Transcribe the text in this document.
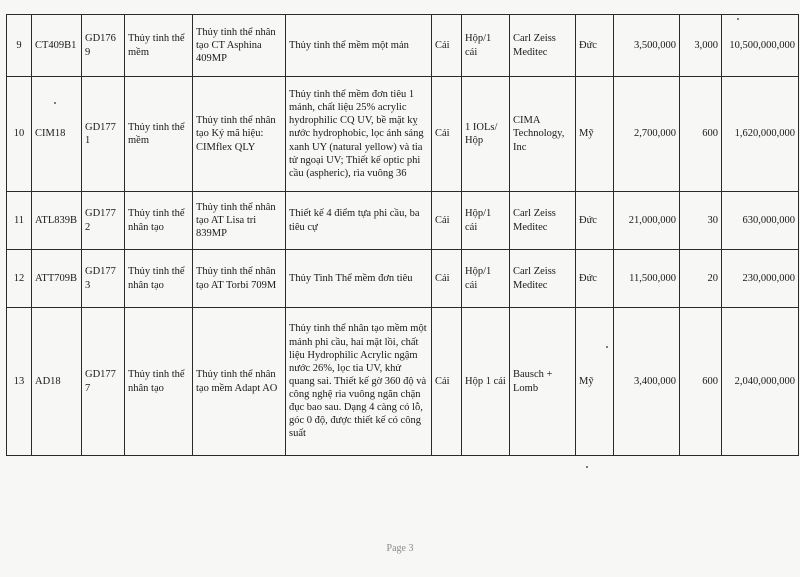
9	CT409B1	GD1769	Thủy tinh thể mềm	Thủy tinh thể nhân tạo CT Asphina 409MP	Thủy tinh thể mềm một mản	Cái	Hộp/1 cái	Carl Zeiss Meditec	Đức	3,500,000	3,000	10,500,000,000
10	CIM18	GD1771	Thủy tinh thể mềm	Thủy tinh thể nhân tạo Ký mã hiệu: CIMflex QLY	Thủy tinh thể mềm đơn tiêu 1 mảnh, chất liệu 25% acrylic hydrophilic CQ UV, bề mặt kỵ nước hydrophobic, lọc ánh sáng xanh UY (natural yellow) và tia tử ngoại UV; Thiết kế optic phi cầu (aspheric), rìa vuông 36	Cái	1 IOLs/ Hộp	CIMA Technology, Inc	Mỹ	2,700,000	600	1,620,000,000
11	ATL839B	GD1772	Thủy tinh thể nhân tạo	Thủy tinh thể nhân tạo AT Lisa tri 839MP	Thiết kế 4 điểm tựa phi cầu, ba tiêu cự	Cái	Hộp/1 cái	Carl Zeiss Meditec	Đức	21,000,000	30	630,000,000
12	ATT709B	GD1773	Thủy tinh thể nhân tạo	Thủy tinh thể nhân tạo AT Torbi 709M	Thủy Tinh Thể mềm đơn tiêu	Cái	Hộp/1 cái	Carl Zeiss Meditec	Đức	11,500,000	20	230,000,000
13	AD18	GD1777	Thủy tinh thể nhân tạo	Thủy tinh thể nhân tạo mềm Adapt AO	Thủy tinh thể nhân tạo mềm một mảnh phi cầu, hai mặt lồi, chất liệu Hydrophilic Acrylic ngậm nước 26%, lọc tia UV, khử quang sai. Thiết kế gờ 360 độ và công nghệ rìa vuông ngăn chặn đục bao sau. Dạng 4 càng có lỗ, góc 0 độ, được thiết kế có công suất	Cái	Hộp 1 cái	Bausch + Lomb	Mỹ	3,400,000	600	2,040,000,000
Page 3
